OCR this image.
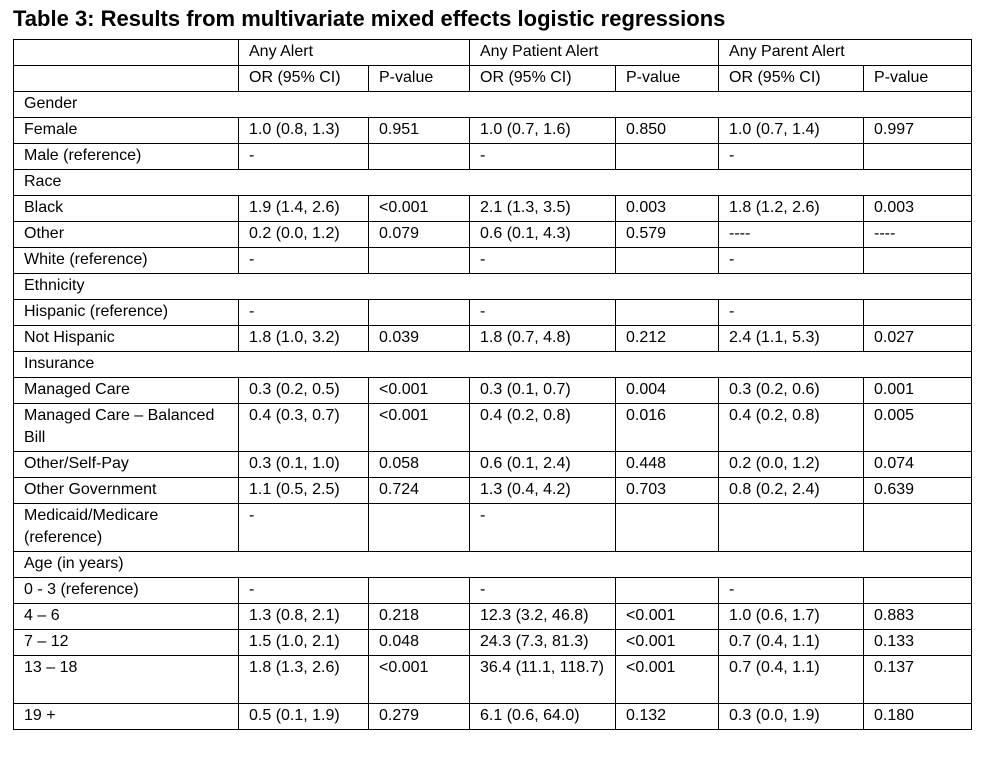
Table 3: Results from multivariate mixed effects logistic regressions
	Any Alert		Any Patient Alert		Any Parent Alert	
	OR (95% CI)	P-value	OR (95% CI)	P-value	OR (95% CI)	P-value
Gender						
Female	1.0 (0.8, 1.3)	0.951	1.0 (0.7, 1.6)	0.850	1.0 (0.7, 1.4)	0.997
Male (reference)	-		-		-	
Race						
Black	1.9 (1.4, 2.6)	<0.001	2.1 (1.3, 3.5)	0.003	1.8 (1.2, 2.6)	0.003
Other	0.2 (0.0, 1.2)	0.079	0.6 (0.1, 4.3)	0.579	----	----
White (reference)	-		-		-	
Ethnicity						
Hispanic (reference)	-		-		-	
Not Hispanic	1.8 (1.0, 3.2)	0.039	1.8 (0.7, 4.8)	0.212	2.4 (1.1, 5.3)	0.027
Insurance						
Managed Care	0.3 (0.2, 0.5)	<0.001	0.3 (0.1, 0.7)	0.004	0.3 (0.2, 0.6)	0.001
Managed Care – Balanced Bill	0.4 (0.3, 0.7)	<0.001	0.4 (0.2, 0.8)	0.016	0.4 (0.2, 0.8)	0.005
Other/Self-Pay	0.3 (0.1, 1.0)	0.058	0.6 (0.1, 2.4)	0.448	0.2 (0.0, 1.2)	0.074
Other Government	1.1 (0.5, 2.5)	0.724	1.3 (0.4, 4.2)	0.703	0.8 (0.2, 2.4)	0.639
Medicaid/Medicare (reference)	-		-			
Age (in years)						
0 - 3 (reference)	-		-		-	
4 – 6	1.3 (0.8, 2.1)	0.218	12.3 (3.2, 46.8)	<0.001	1.0 (0.6, 1.7)	0.883
7 – 12	1.5 (1.0, 2.1)	0.048	24.3 (7.3, 81.3)	<0.001	0.7 (0.4, 1.1)	0.133
13 – 18	1.8 (1.3, 2.6)	<0.001	36.4 (11.1, 118.7)	<0.001	0.7 (0.4, 1.1)	0.137
19 +	0.5 (0.1, 1.9)	0.279	6.1 (0.6, 64.0)	0.132	0.3 (0.0, 1.9)	0.180
